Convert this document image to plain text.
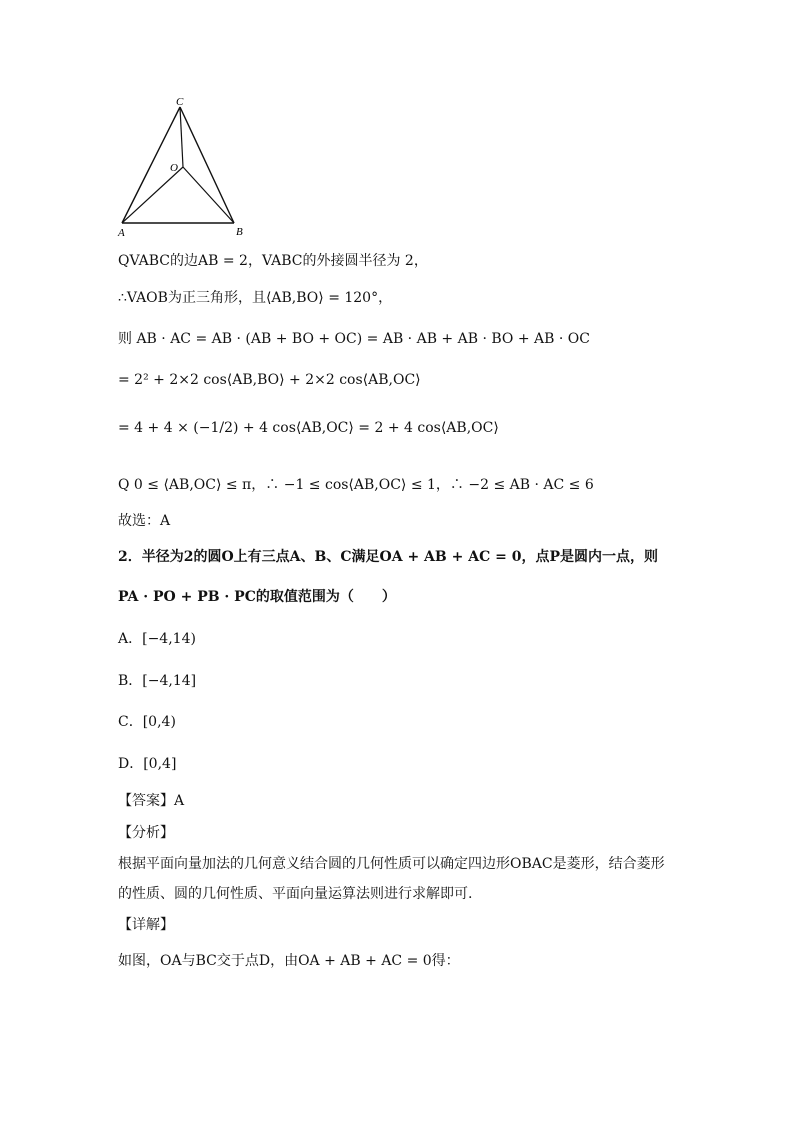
C
O
A	B
QVABC的边AB = 2，VABC的外接圆半径为 2，
∴VAOB为正三角形，且⟨AB,BO⟩ = 120°，
则 AB · AC = AB · (AB + BO + OC) = AB · AB + AB · BO + AB · OC
= 2² + 2×2 cos⟨AB,BO⟩ + 2×2 cos⟨AB,OC⟩
= 4 + 4 × (−1/2) + 4 cos⟨AB,OC⟩ = 2 + 4 cos⟨AB,OC⟩
Q 0 ≤ ⟨AB,OC⟩ ≤ π，∴ −1 ≤ cos⟨AB,OC⟩ ≤ 1，∴ −2 ≤ AB · AC ≤ 6
故选：A
2．半径为2的圆O上有三点A、B、C满足OA + AB + AC = 0，点P是圆内一点，则
PA · PO + PB · PC的取值范围为（　　）
A．[−4,14)
B．[−4,14]
C．[0,4)
D．[0,4]
【答案】A
【分析】
根据平面向量加法的几何意义结合圆的几何性质可以确定四边形OBAC是菱形，结合菱形
的性质、圆的几何性质、平面向量运算法则进行求解即可.
【详解】
如图，OA与BC交于点D，由OA + AB + AC = 0得：
